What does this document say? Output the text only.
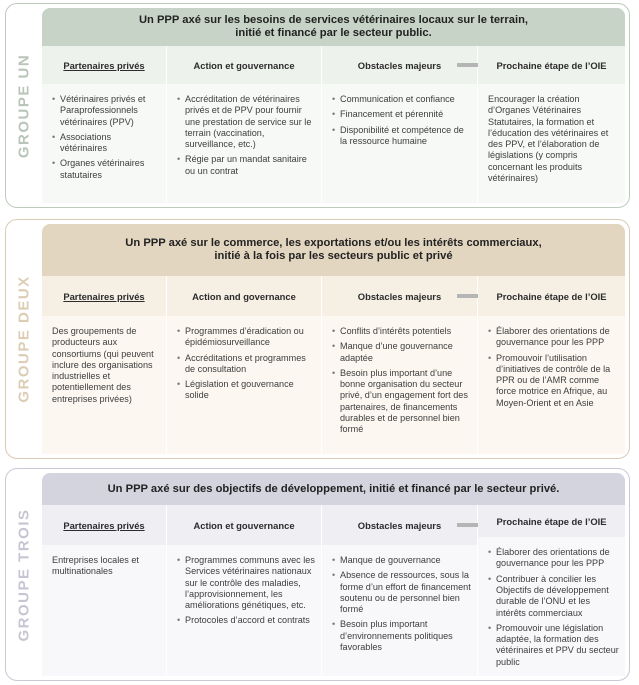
GROUPE UN
Un PPP axé sur les besoins de services vétérinaires locaux sur le terrain,
initié et financé par le secteur public.
Partenaires privés
• Vétérinaires privés et Paraprofessionnels vétérinaires (PPV)
• Associations vétérinaires
• Organes vétérinaires statutaires
Action et gouvernance
• Accréditation de vétérinaires privés et de PPV pour fournir une prestation de service sur le terrain (vaccination, surveillance, etc.)
• Régie par un mandat sanitaire ou un contrat
Obstacles majeurs
• Communication et confiance
• Financement et pérennité
• Disponibilité et compétence de la ressource humaine
Prochaine étape de l’OIE
Encourager la création d’Organes Vétérinaires Statutaires, la formation et l’éducation des vétérinaires et des PPV, et l’élaboration de législations (y compris concernant les produits vétérinaires)
GROUPE DEUX
Un PPP axé sur le commerce, les exportations et/ou les intérêts commerciaux,
initié à la fois par les secteurs public et privé
Partenaires privés
Des groupements de producteurs aux consortiums (qui peuvent inclure des organisations industrielles et potentiellement des entreprises privées)
Action and governance
• Programmes d’éradication ou épidémiosurveillance
• Accréditations et programmes de consultation
• Législation et gouvernance solide
Obstacles majeurs
• Conflits d’intérêts potentiels
• Manque d’une gouvernance adaptée
• Besoin plus important d’une bonne organisation du secteur privé, d’un engagement fort des partenaires, de financements durables et de personnel bien formé
Prochaine étape de l’OIE
• Élaborer des orientations de gouvernance pour les PPP
• Promouvoir l’utilisation d’initiatives de contrôle de la PPR ou de l’AMR comme force motrice en Afrique, au Moyen-Orient et en Asie
GROUPE TROIS
Un PPP axé sur des objectifs de développement, initié et financé par le secteur privé.
Partenaires privés
Entreprises locales et multinationales
Action et gouvernance
• Programmes communs avec les Services vétérinaires nationaux sur le contrôle des maladies, l’approvisionnement, les améliorations génétiques, etc.
• Protocoles d’accord et contrats
Obstacles majeurs
• Manque de gouvernance
• Absence de ressources, sous la forme d’un effort de financement soutenu ou de personnel bien formé
• Besoin plus important d’environnements politiques favorables
Prochaine étape de l’OIE
• Élaborer des orientations de gouvernance pour les PPP
• Contribuer à concilier les Objectifs de développement durable de l’ONU et les intérêts commerciaux
• Promouvoir une législation adaptée, la formation des vétérinaires et PPV du secteur public
